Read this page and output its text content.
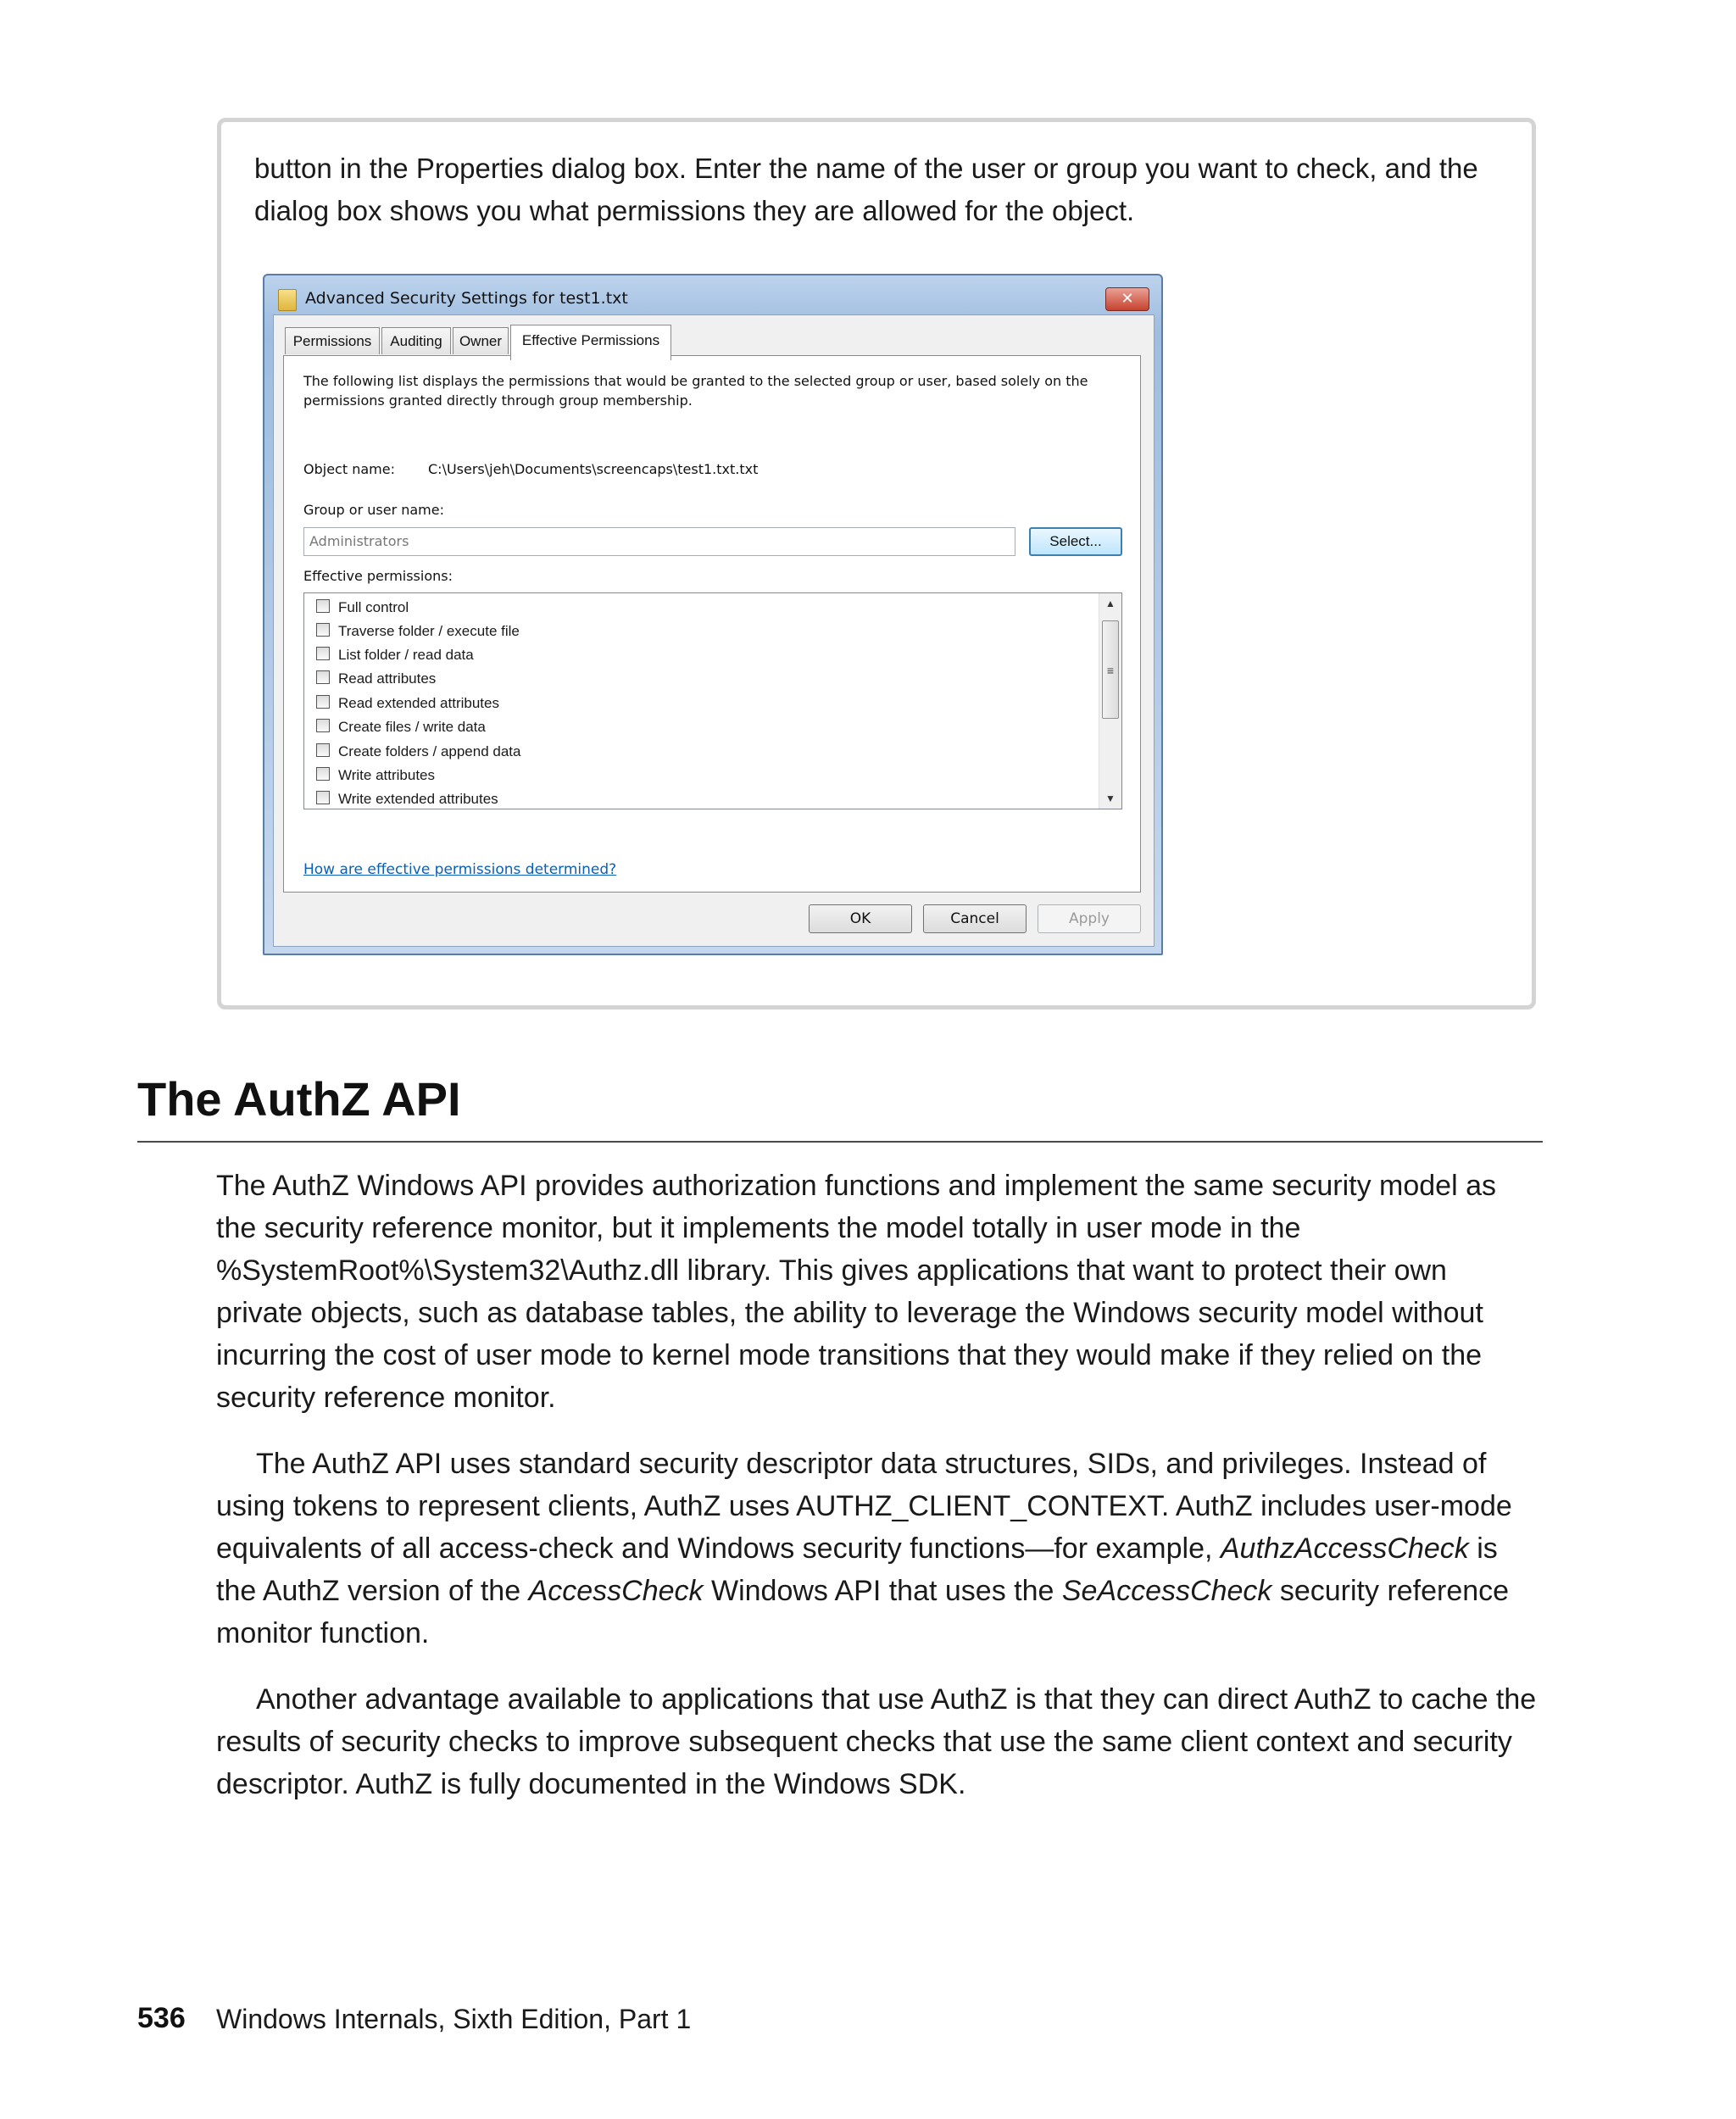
button in the Properties dialog box. Enter the name of the user or group you want to check, and the dialog box shows you what permissions they are allowed for the object.

Advanced Security Settings for test1.txt	✕
Permissions	Auditing	Owner	Effective Permissions
The following list displays the permissions that would be granted to the selected group or user, based solely on the
permissions granted directly through group membership.
Object name: C:\Users\jeh\Documents\screencaps\test1.txt.txt
Group or user name:
Administrators	Select...
Effective permissions:
Full control
Traverse folder / execute file
List folder / read data
Read attributes
Read extended attributes
Create files / write data
Create folders / append data
Write attributes
Write extended attributes
▲
≡
▼
How are effective permissions determined?
OK	Cancel	Apply
The AuthZ API

The AuthZ Windows API provides authorization functions and implement the same security model as the security reference monitor, but it implements the model totally in user mode in the %SystemRoot%\System32\Authz.dll library. This gives applications that want to protect their own private objects, such as database tables, the ability to leverage the Windows security model without incurring the cost of user mode to kernel mode transitions that they would make if they relied on the security reference monitor.

The AuthZ API uses standard security descriptor data structures, SIDs, and privileges. Instead of using tokens to represent clients, AuthZ uses AUTHZ_CLIENT_CONTEXT. AuthZ includes user-mode equivalents of all access-check and Windows security functions—for example, AuthzAccessCheck is the AuthZ version of the AccessCheck Windows API that uses the SeAccessCheck security reference monitor function.

Another advantage available to applications that use AuthZ is that they can direct AuthZ to cache the results of security checks to improve subsequent checks that use the same client context and security descriptor. AuthZ is fully documented in the Windows SDK.

536 Windows Internals, Sixth Edition, Part 1
